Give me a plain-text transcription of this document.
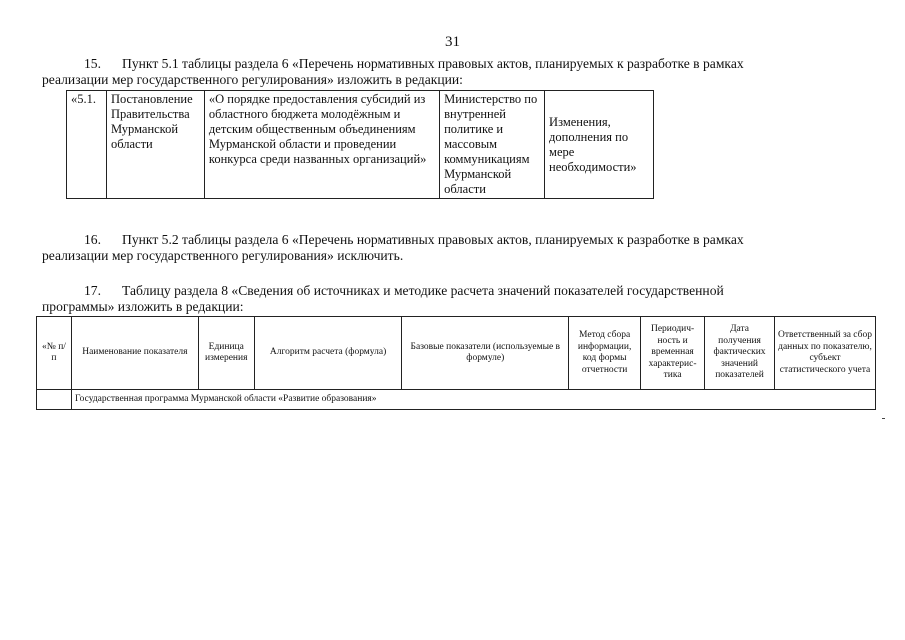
31
15. Пункт 5.1 таблицы раздела 6 «Перечень нормативных правовых актов, планируемых к разработке в рамках
реализации мер государственного регулирования» изложить в редакции:
«5.1.	Постановление Правительства Мурманской области	«О порядке предоставления субсидий из областного бюджета молодёжным и детским общественным объединениям Мурманской области и проведении конкурса среди названных организаций»	Министерство по внутренней политике и массовым коммуникациям Мурманской области	Изменения, дополнения по мере необходимости»
16. Пункт 5.2 таблицы раздела 6 «Перечень нормативных правовых актов, планируемых к разработке в рамках
реализации мер государственного регулирования» исключить.
17. Таблицу раздела 8 «Сведения об источниках и методике расчета значений показателей государственной
программы» изложить в редакции:
«№ п/п	Наименование показателя	Единица измерения	Алгоритм расчета (формула)	Базовые показатели (используемые в формуле)	Метод сбора информации, код формы отчетности	Периодич-ность и временная характерис-тика	Дата получения фактических значений показателей	Ответственный за сбор данных по показателю, субъект статистического учета
	Государственная программа Мурманской области «Развитие образования»							
